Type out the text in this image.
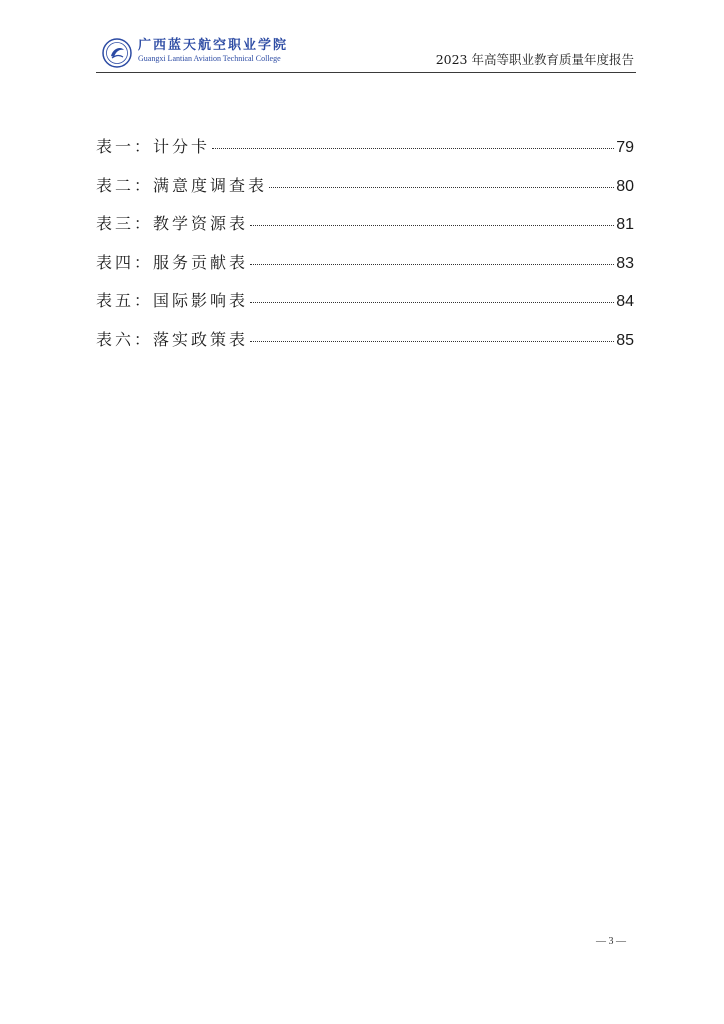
广西蓝天航空职业学院
Guangxi Lantian Aviation Technical College	2023 年高等职业教育质量年度报告
表一：计分卡	79
表二：满意度调查表	80
表三：教学资源表	81
表四：服务贡献表	83
表五：国际影响表	84
表六：落实政策表	85
— 3 —
